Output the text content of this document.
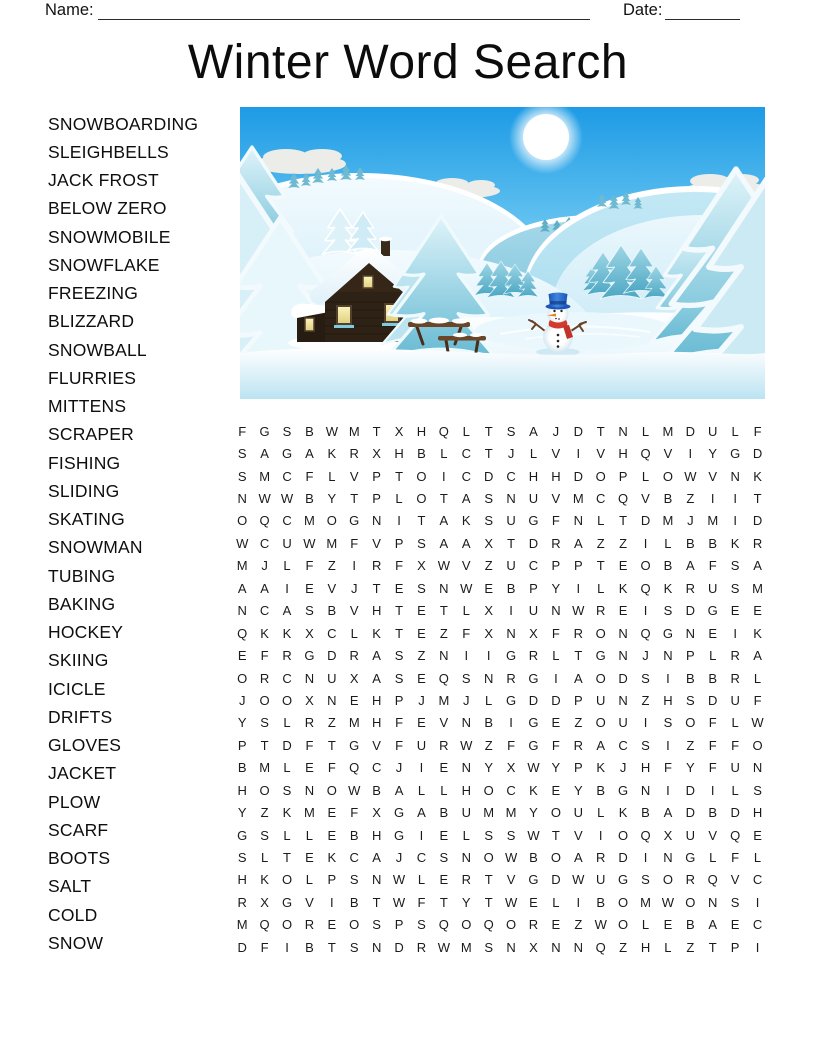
Name:	Date:
Winter Word Search
SNOWBOARDING
SLEIGHBELLS
JACK FROST
BELOW ZERO
SNOWMOBILE
SNOWFLAKE
FREEZING
BLIZZARD
SNOWBALL
FLURRIES
MITTENS
SCRAPER
FISHING
SLIDING
SKATING
SNOWMAN
TUBING
BAKING
HOCKEY
SKIING
ICICLE
DRIFTS
GLOVES
JACKET
PLOW
SCARF
BOOTS
SALT
COLD
SNOW
F	G	S	B W M	T	X	H Q	L	T	S	A	J	D	T	N	L	M D	U	L	F
S	A	G	A	K	R	X	H	B	L	C	T	J	L	V	I	V	H Q	V	I	Y	G D
S M C	F	L	V	P	T	O	I	C	D	C	H	H	D O	P	L	O W V	N	K
N W W B	Y	T	P	L	O	T	A	S	N	U	V M C Q	V	B	Z	I	I	T
O Q C M O G N	I	T	A	K	S	U G	F	N	L	T	D M	J	M	I	D
W C	U W M	F	V	P	S	A	A	X	T	D	R	A	Z	Z	I	L	B	B	K	R
M	J	L	F	Z	I	R	F	X W V	Z	U	C	P	P	T	E	O	B	A	F	S	A
A	A	I	E	V	J	T	E	S	N W E	B	P	Y	I	L	K	Q	K	R	U	S M
N	C	A	S	B	V	H	T	E	T	L	X	I	U	N W R	E	I	S	D G	E	E
Q	K	K	X	C	L	K	T	E	Z	F	X	N	X	F	R O N Q G N	E	I	K
E	F	R G D	R	A	S	Z	N	I	I	G R	L	T	G N	J	N	P	L	R	A
O R	C	N	U	X	A	S	E	Q	S	N	R G	I	A	O D	S	I	B	B	R	L
J	O O	X	N	E	H	P	J	M	J	L	G D	D	P	U	N	Z	H	S	D	U	F
Y	S	L	R	Z	M H	F	E	V	N	B	I	G	E	Z	O U	I	S	O	F	L W
P	T	D	F	T	G	V	F	U	R W Z	F	G	F	R	A	C	S	I	Z	F	F	O
B M	L	E	F	Q C	J	I	E	N	Y	X W Y	P	K	J	H	F	Y	F	U	N
H O	S	N O W B	A	L	L	H O C	K	E	Y	B	G N	I	D	I	L	S
Y	Z	K M E	F	X	G	A	B	U M M Y	O U	L	K	B	A	D	B	D	H
G	S	L	L	E	B	H G	I	E	L	S	S W T	V	I	O Q	X	U	V	Q	E
S	L	T	E	K	C	A	J	C	S	N O W B	O	A	R	D	I	N G	L	F	L
H	K	O	L	P	S	N W L	E	R	T	V	G D W U G	S	O R Q	V	C
R	X	G	V	I	B	T W F	T	Y	T W E	L	I	B	O M W O N	S	I
M Q O R	E	O	S	P	S	Q O Q O R	E	Z W O	L	E	B	A	E	C
D	F	I	B	T	S	N	D	R W M S	N	X	N	N Q	Z	H	L	Z	T	P	I
